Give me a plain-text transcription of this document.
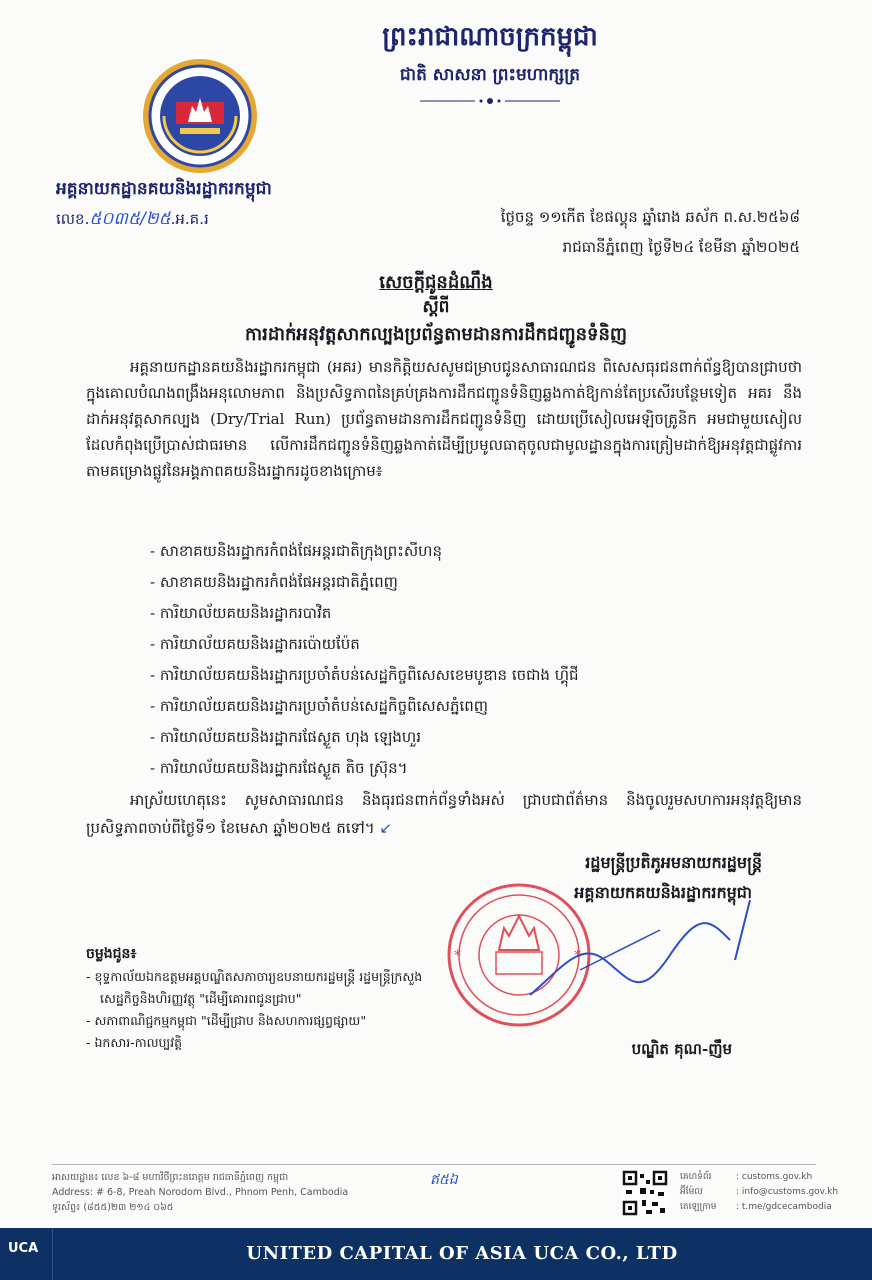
ព្រះរាជាណាចក្រកម្ពុជា
ជាតិ សាសនា ព្រះមហាក្សត្រ
អគ្គនាយកដ្ឋានគយនិងរដ្ឋាករកម្ពុជា
លេខ.៥០៣៥/២៥.អ.គ.រ	ថ្ងៃចន្ទ ១១កើត ខែផល្គុន ឆ្នាំរោង ឆស័ក ព.ស.២៥៦៨
រាជធានីភ្នំពេញ ថ្ងៃទី២៤ ខែមីនា ឆ្នាំ២០២៥
សេចក្តីជូនដំណឹង
ស្តីពី
ការដាក់អនុវត្តសាកល្បងប្រព័ន្ធតាមដានការដឹកជញ្ជូនទំនិញ
អគ្គនាយកដ្ឋានគយនិងរដ្ឋាករកម្ពុជា (អគរ) មានកិត្តិយសសូមជម្រាបជូនសាធារណជន ពិសេសធុរជនពាក់ព័ន្ធឱ្យបានជ្រាបថា ក្នុងគោលបំណងពង្រឹងអនុលោមភាព និងប្រសិទ្ធភាពនៃគ្រប់គ្រងការដឹកជញ្ជូនទំនិញឆ្លងកាត់ឱ្យកាន់តែប្រសើរបន្ថែមទៀត អគរ នឹងដាក់អនុវត្តសាកល្បង (Dry/Trial Run) ប្រព័ន្ធតាមដានការដឹកជញ្ជូនទំនិញ ដោយប្រើសៀលអេឡិចត្រូនិក អមជាមួយសៀលដែលកំពុងប្រើប្រាស់ជាធរមាន លើការដឹកជញ្ជូនទំនិញឆ្លងកាត់ដើម្បីប្រមូលធាតុចូលជាមូលដ្ឋានក្នុងការត្រៀមដាក់ឱ្យអនុវត្តជាផ្លូវការ តាមគម្រោងផ្លូវនៃអង្គភាពគយនិងរដ្ឋាករដូចខាងក្រោម៖
- សាខាគយនិងរដ្ឋាករកំពង់ផែអន្តរជាតិក្រុងព្រះសីហនុ
- សាខាគយនិងរដ្ឋាករកំពង់ផែអន្តរជាតិភ្នំពេញ
- ការិយាល័យគយនិងរដ្ឋាករបាវិត
- ការិយាល័យគយនិងរដ្ឋាករប៉ោយប៉ែត
- ការិយាល័យគយនិងរដ្ឋាករប្រចាំតំបន់សេដ្ឋកិច្ចពិសេសខេមបូឌាន ចេជាង ហ្គ៉ីជី
- ការិយាល័យគយនិងរដ្ឋាករប្រចាំតំបន់សេដ្ឋកិច្ចពិសេសភ្នំពេញ
- ការិយាល័យគយនិងរដ្ឋាករផែស្ងួត ហុង ឡេងហួរ
- ការិយាល័យគយនិងរដ្ឋាករផែស្ងួត តិច ស្រ៊ុន។
អាស្រ័យហេតុនេះ សូមសាធារណជន និងធុរជនពាក់ព័ន្ធទាំងអស់ ជ្រាបជាព័ត៌មាន និងចូលរួមសហការអនុវត្តឱ្យមានប្រសិទ្ធភាពចាប់ពីថ្ងៃទី១ ខែមេសា ឆ្នាំ២០២៥ តទៅ។ ↙
រដ្ឋមន្ត្រីប្រតិភូអមនាយករដ្ឋមន្ត្រី
អគ្គនាយកគយនិងរដ្ឋាករកម្ពុជា
*	*
បណ្ឌិត គុណ-ញឹម
ចម្លងជូន៖
- ខុទ្ទកាល័យឯកឧត្តមអគ្គបណ្ឌិតសភាចារ្យឧបនាយករដ្ឋមន្ត្រី រដ្ឋមន្ត្រីក្រសួងសេដ្ឋកិច្ចនិងហិរញ្ញវត្ថុ "ដើម្បីគោរពជូនជ្រាប"
- សភាពាណិជ្ជកម្មកម្ពុជា "ដើម្បីជ្រាប និងសហការផ្សព្វផ្សាយ"
- ឯកសារ-កាលប្បវត្តិ
អាសយដ្ឋាន៖ លេខ ៦-៨ មហាវិថីព្រះនរោត្តម រាជធានីភ្នំពេញ កម្ពុជា
Address: # 6-8, Preah Norodom Blvd., Phnom Penh, Cambodia
ទូរស័ព្ទ៖ (៨៥៥)២៣ ២១៤ ០៦៥
ឥ៥ឯ	គេហទំព័រ	: customs.gov.kh
អ៊ីម៉ែល	: info@customs.gov.kh
តេឡេក្រាម : t.me/gdcecambodia
UCA	UNITED CAPITAL OF ASIA UCA CO., LTD
